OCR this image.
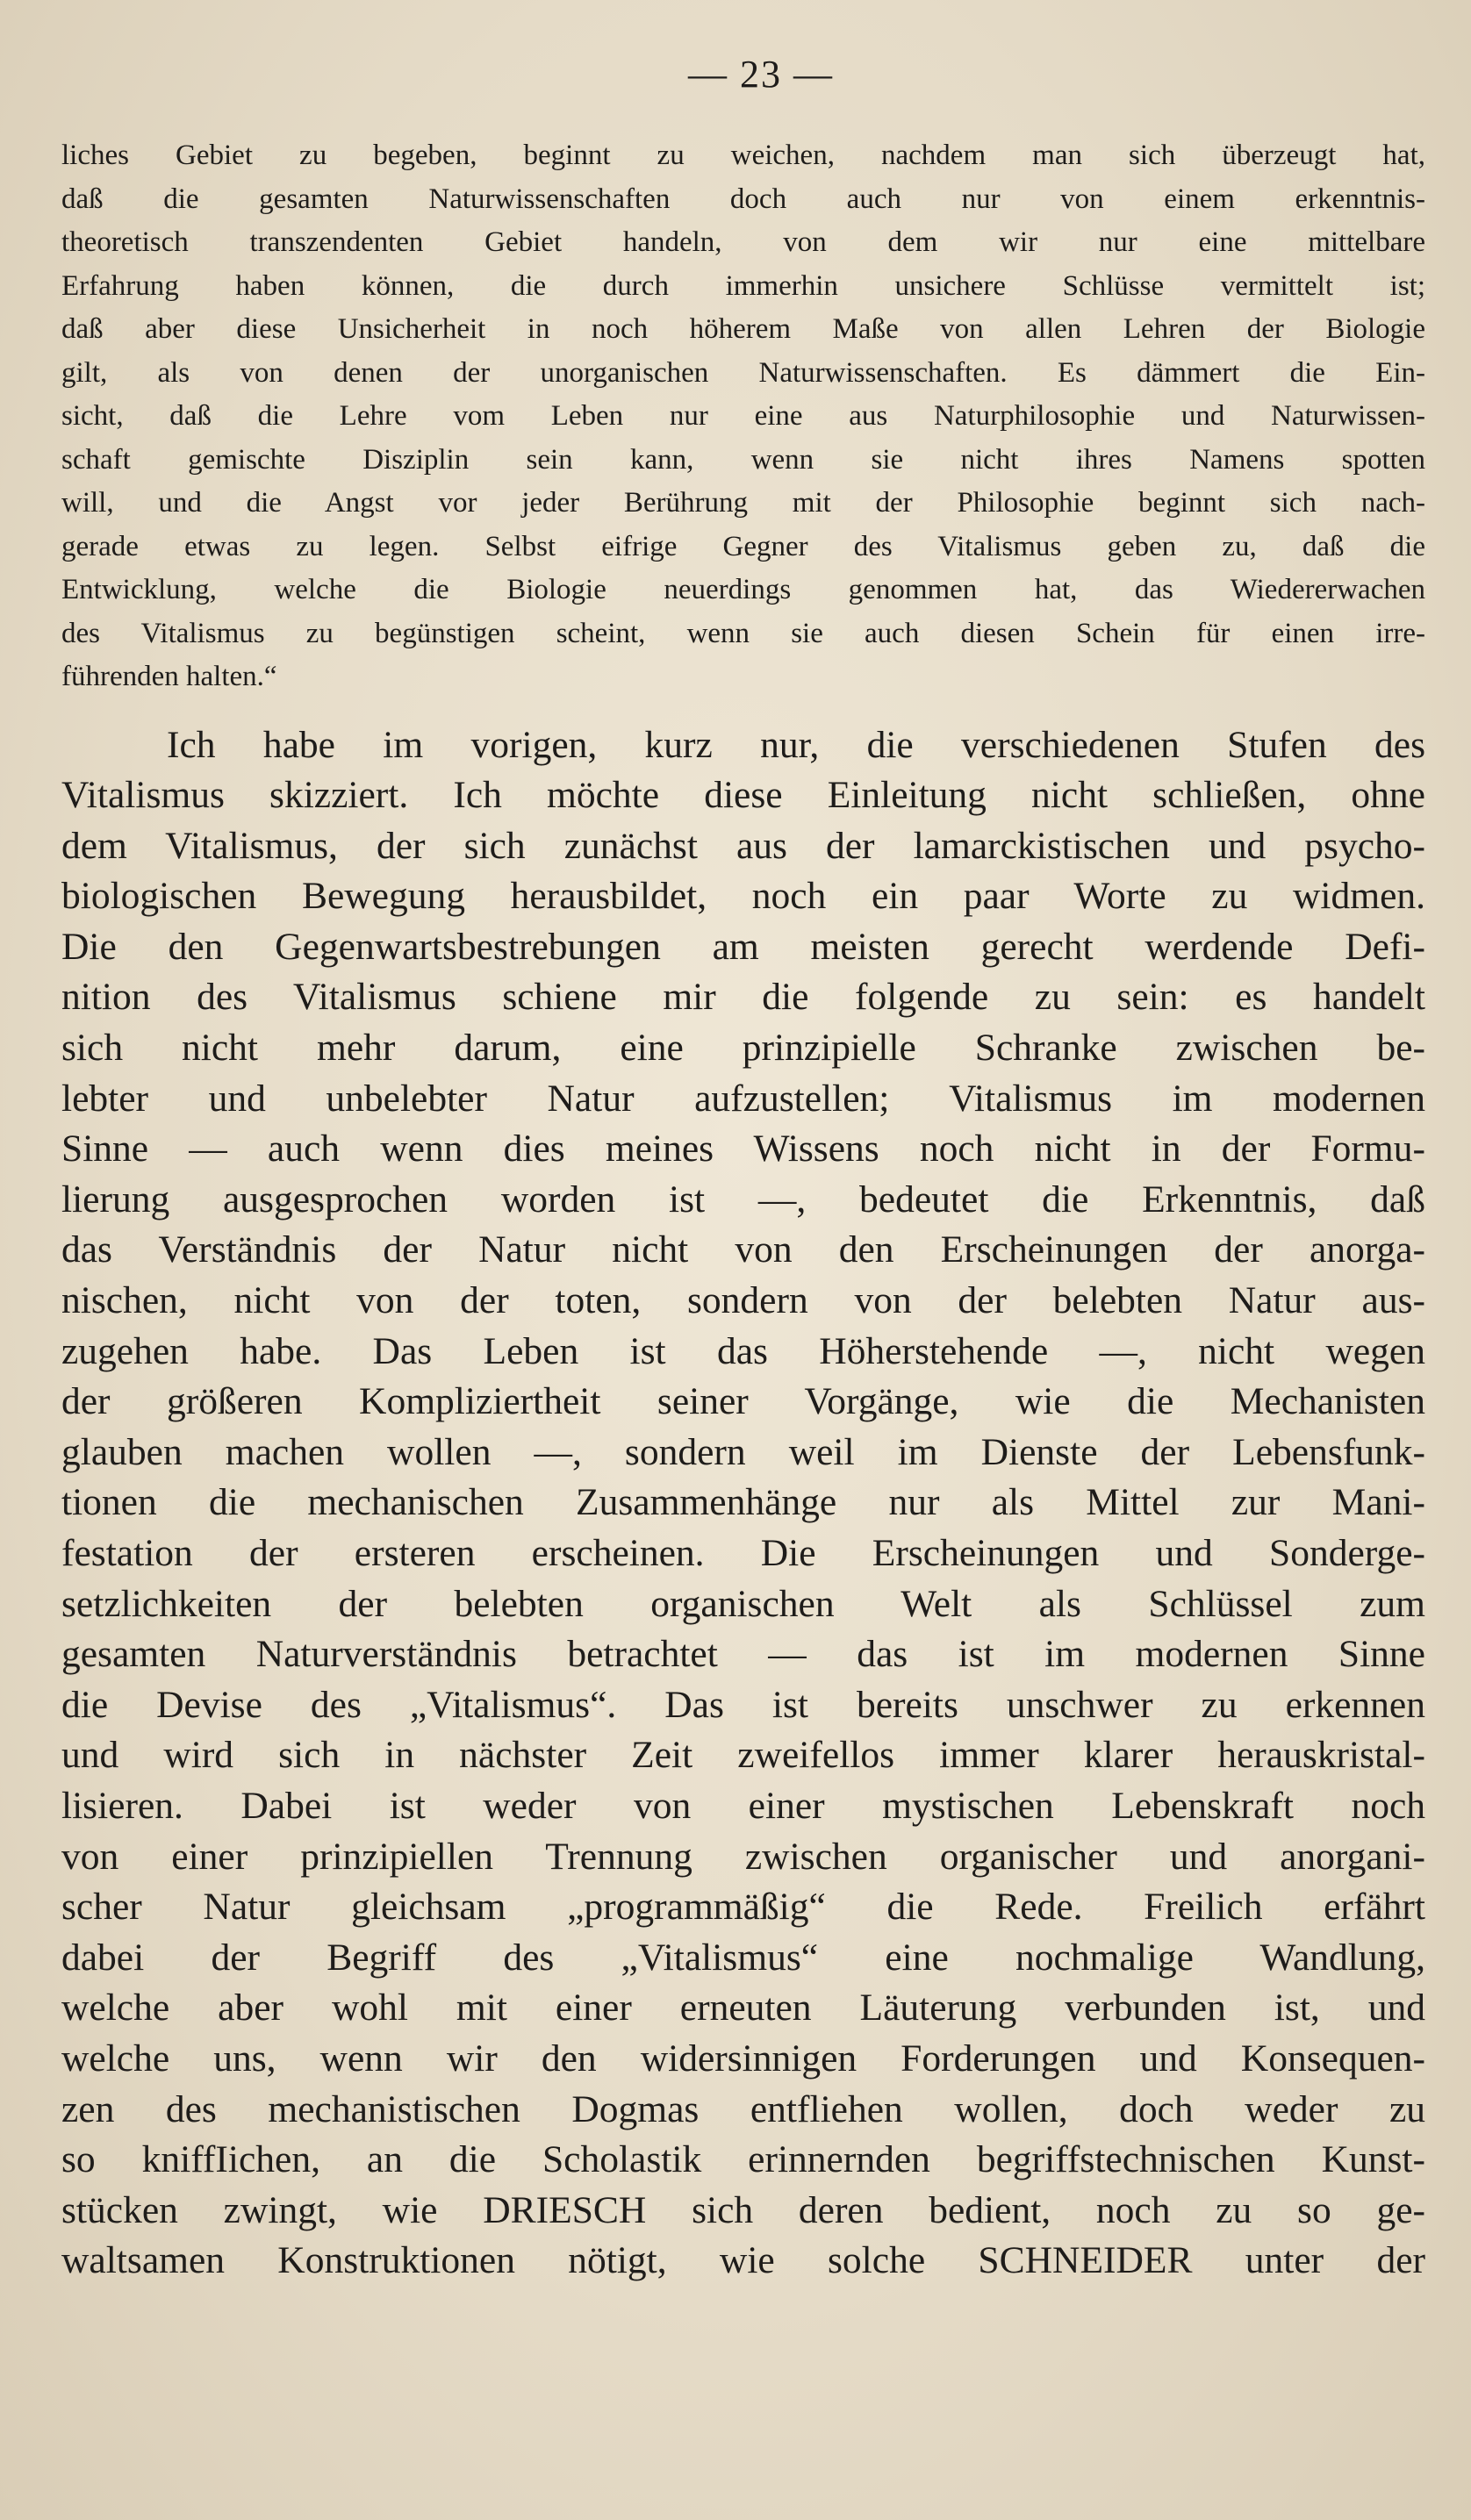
— 23 —
liches Gebiet zu begeben, beginnt zu weichen, nachdem man sich überzeugt hat,
daß die gesamten Naturwissenschaften doch auch nur von einem erkenntnis-
theoretisch transzendenten Gebiet handeln, von dem wir nur eine mittelbare
Erfahrung haben können, die durch immerhin unsichere Schlüsse vermittelt ist;
daß aber diese Unsicherheit in noch höherem Maße von allen Lehren der Biologie
gilt, als von denen der unorganischen Naturwissenschaften. Es dämmert die Ein-
sicht, daß die Lehre vom Leben nur eine aus Naturphilosophie und Naturwissen-
schaft gemischte Disziplin sein kann, wenn sie nicht ihres Namens spotten
will, und die Angst vor jeder Berührung mit der Philosophie beginnt sich nach-
gerade etwas zu legen. Selbst eifrige Gegner des Vitalismus geben zu, daß die
Entwicklung, welche die Biologie neuerdings genommen hat, das Wiedererwachen
des Vitalismus zu begünstigen scheint, wenn sie auch diesen Schein für einen irre-
führenden halten.“
Ich habe im vorigen, kurz nur, die verschiedenen Stufen des
Vitalismus skizziert. Ich möchte diese Einleitung nicht schließen, ohne
dem Vitalismus, der sich zunächst aus der lamarckistischen und psycho-
biologischen Bewegung herausbildet, noch ein paar Worte zu widmen.
Die den Gegenwartsbestrebungen am meisten gerecht werdende Defi-
nition des Vitalismus schiene mir die folgende zu sein: es handelt
sich nicht mehr darum, eine prinzipielle Schranke zwischen be-
lebter und unbelebter Natur aufzustellen; Vitalismus im modernen
Sinne — auch wenn dies meines Wissens noch nicht in der Formu-
lierung ausgesprochen worden ist —, bedeutet die Erkenntnis, daß
das Verständnis der Natur nicht von den Erscheinungen der anorga-
nischen, nicht von der toten, sondern von der belebten Natur aus-
zugehen habe. Das Leben ist das Höherstehende —, nicht wegen
der größeren Kompliziertheit seiner Vorgänge, wie die Mechanisten
glauben machen wollen —, sondern weil im Dienste der Lebensfunk-
tionen die mechanischen Zusammenhänge nur als Mittel zur Mani-
festation der ersteren erscheinen. Die Erscheinungen und Sonderge-
setzlichkeiten der belebten organischen Welt als Schlüssel zum
gesamten Naturverständnis betrachtet — das ist im modernen Sinne
die Devise des „Vitalismus“. Das ist bereits unschwer zu erkennen
und wird sich in nächster Zeit zweifellos immer klarer herauskristal-
lisieren. Dabei ist weder von einer mystischen Lebenskraft noch
von einer prinzipiellen Trennung zwischen organischer und anorgani-
scher Natur gleichsam „programmäßig“ die Rede. Freilich erfährt
dabei der Begriff des „Vitalismus“ eine nochmalige Wandlung,
welche aber wohl mit einer erneuten Läuterung verbunden ist, und
welche uns, wenn wir den widersinnigen Forderungen und Konsequen-
zen des mechanistischen Dogmas entfliehen wollen, doch weder zu
so kniffIichen, an die Scholastik erinnernden begriffstechnischen Kunst-
stücken zwingt, wie DRIESCH sich deren bedient, noch zu so ge-
waltsamen Konstruktionen nötigt, wie solche SCHNEIDER unter der
